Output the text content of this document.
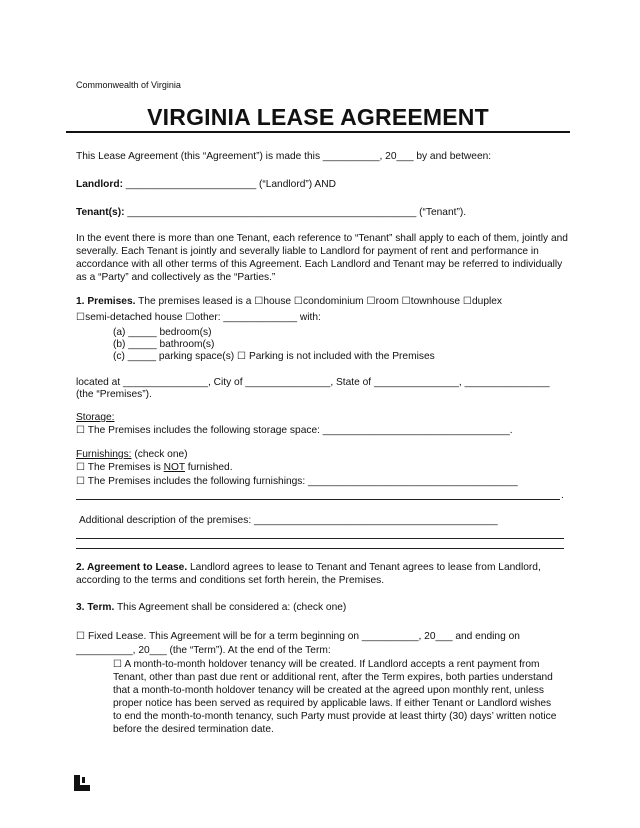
Commonwealth of Virginia
VIRGINIA LEASE AGREEMENT
This Lease Agreement (this “Agreement”) is made this __________, 20___ by and between:
Landlord: _______________________ (“Landlord”) AND
Tenant(s): ___________________________________________________ (“Tenant”).
In the event there is more than one Tenant, each reference to “Tenant” shall apply to each of them, jointly and severally. Each Tenant is jointly and severally liable to Landlord for payment of rent and performance in accordance with all other terms of this Agreement. Each Landlord and Tenant may be referred to individually as a “Party” and collectively as the “Parties.”
1. Premises. The premises leased is a ☐house ☐condominium ☐room ☐townhouse ☐duplex
☐semi-detached house ☐other: _____________ with:
(a) _____ bedroom(s)
(b) _____ bathroom(s)
(c) _____ parking space(s) ☐ Parking is not included with the Premises
located at _______________, City of _______________, State of _______________, _______________
(the “Premises”).
Storage:
☐ The Premises includes the following storage space: _________________________________.
Furnishings: (check one)
☐ The Premises is NOT furnished.
☐ The Premises includes the following furnishings: _____________________________________
.
Additional description of the premises: ___________________________________________
2. Agreement to Lease. Landlord agrees to lease to Tenant and Tenant agrees to lease from Landlord, according to the terms and conditions set forth herein, the Premises.
3. Term. This Agreement shall be considered a: (check one)
☐ Fixed Lease. This Agreement will be for a term beginning on __________, 20___ and ending on
__________, 20___ (the “Term”). At the end of the Term:
☐ A month-to-month holdover tenancy will be created. If Landlord accepts a rent payment from Tenant, other than past due rent or additional rent, after the Term expires, both parties understand that a month-to-month holdover tenancy will be created at the agreed upon monthly rent, unless proper notice has been served as required by applicable laws. If either Tenant or Landlord wishes to end the month-to-month tenancy, such Party must provide at least thirty (30) days’ written notice before the desired termination date.
